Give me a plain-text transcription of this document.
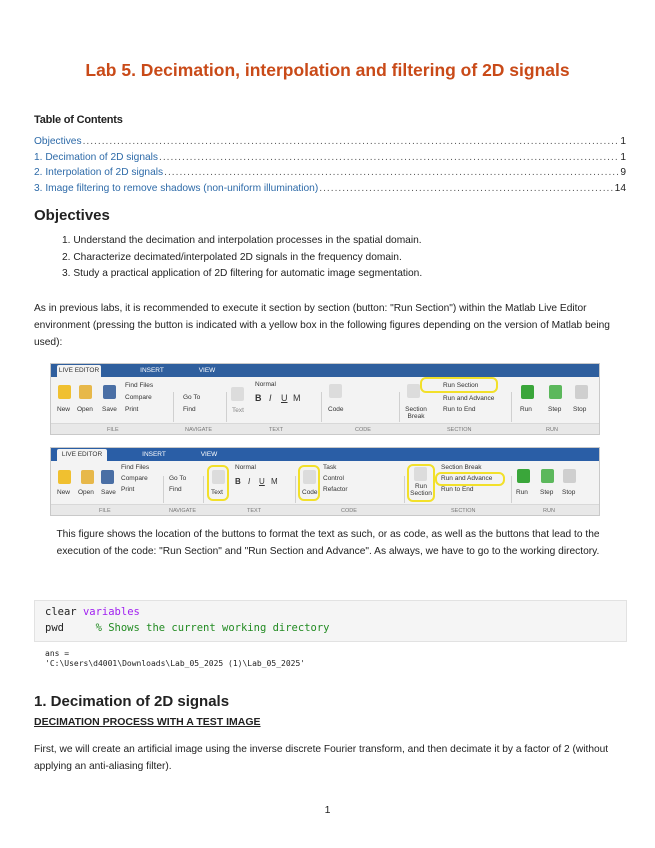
Lab 5. Decimation, interpolation and filtering of 2D signals
Table of Contents
Objectives .....	1
1. Decimation of 2D signals .....	1
2. Interpolation of 2D signals .....	9
3. Image filtering to remove shadows (non-uniform illumination) .....	14
Objectives
1. Understand the decimation and interpolation processes in the spatial domain.
2. Characterize decimated/interpolated 2D signals in the frequency domain.
3. Study a practical application of 2D filtering for automatic image segmentation.
As in previous labs, it is recommended to execute it section by section (button: "Run Section") within the Matlab Live Editor environment (pressing the button is indicated with a yellow box in the following figures depending on the version of Matlab being used):
LIVE EDITOR	INSERT	VIEW
New Open Save
Find Files
Compare
Print
Go To
Find	Text
Normal
B I U M
Code	Section Break
Run Section
Run and Advance
Run to End	Run Step Stop
FILE	NAVIGATE	TEXT	CODE	SECTION	RUN
LIVE EDITOR	INSERT	VIEW
New Open Save
Find Files
Compare
Print
Go To
Find	Text
Normal
B I U M
Code
Task
Control
Refactor	Run Section
Section Break
Run and Advance
Run to End	Run Step Stop
FILE	NAVIGATE	TEXT	CODE	SECTION	RUN
This figure shows the location of the buttons to format the text as such, or as code, as well as the buttons that lead to the execution of the code: "Run Section" and "Run Section and Advance". As always, we have to go to the working directory.
clear variables
pwd     % Shows the current working directory
ans =
'C:\Users\d4001\Downloads\Lab_05_2025 (1)\Lab_05_2025'
1. Decimation of 2D signals
DECIMATION PROCESS WITH A TEST IMAGE
First, we will create an artificial image using the inverse discrete Fourier transform, and then decimate it by a factor of 2 (without applying an anti-aliasing filter).
1
